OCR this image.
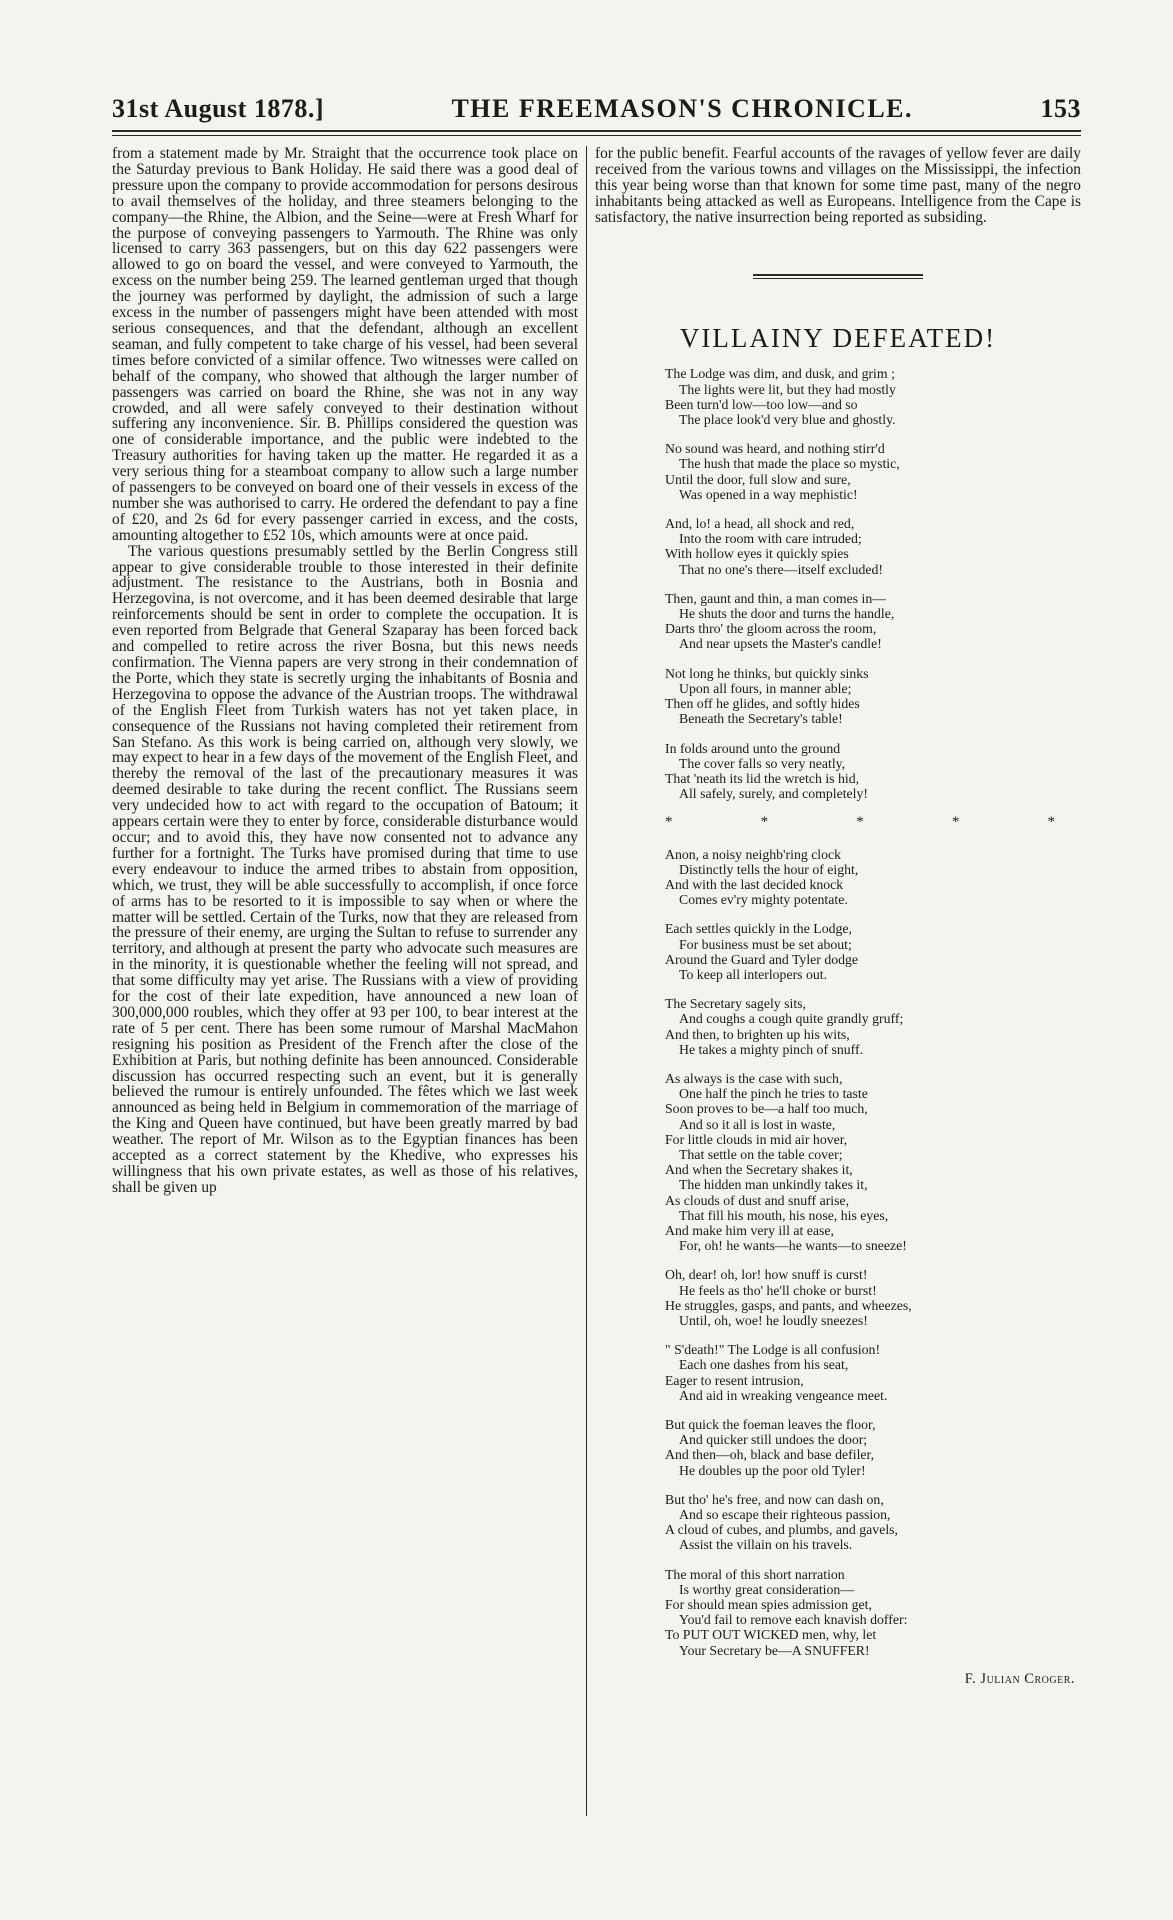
31st August 1878.]	THE FREEMASON'S CHRONICLE.	153

from a statement made by Mr. Straight that the occurrence took place on the Saturday previous to Bank Holiday. He said there was a good deal of pressure upon the company to provide accommodation for persons desirous to avail themselves of the holiday, and three steamers belonging to the company—the Rhine, the Albion, and the Seine—were at Fresh Wharf for the purpose of conveying passengers to Yarmouth. The Rhine was only licensed to carry 363 passengers, but on this day 622 passengers were allowed to go on board the vessel, and were conveyed to Yarmouth, the excess on the number being 259. The learned gentleman urged that though the journey was performed by daylight, the admission of such a large excess in the number of passengers might have been attended with most serious consequences, and that the defendant, although an excellent seaman, and fully competent to take charge of his vessel, had been several times before convicted of a similar offence. Two witnesses were called on behalf of the company, who showed that although the larger number of passengers was carried on board the Rhine, she was not in any way crowded, and all were safely conveyed to their destination without suffering any inconvenience. Sir. B. Phillips considered the question was one of considerable importance, and the public were indebted to the Treasury authorities for having taken up the matter. He regarded it as a very serious thing for a steamboat company to allow such a large number of passengers to be conveyed on board one of their vessels in excess of the number she was authorised to carry. He ordered the defendant to pay a fine of £20, and 2s 6d for every passenger carried in excess, and the costs, amounting altogether to £52 10s, which amounts were at once paid.

The various questions presumably settled by the Berlin Congress still appear to give considerable trouble to those interested in their definite adjustment. The resistance to the Austrians, both in Bosnia and Herzegovina, is not overcome, and it has been deemed desirable that large reinforcements should be sent in order to complete the occupation. It is even reported from Belgrade that General Szaparay has been forced back and compelled to retire across the river Bosna, but this news needs confirmation. The Vienna papers are very strong in their condemnation of the Porte, which they state is secretly urging the inhabitants of Bosnia and Herzegovina to oppose the advance of the Austrian troops. The withdrawal of the English Fleet from Turkish waters has not yet taken place, in consequence of the Russians not having completed their retirement from San Stefano. As this work is being carried on, although very slowly, we may expect to hear in a few days of the movement of the English Fleet, and thereby the removal of the last of the precautionary measures it was deemed desirable to take during the recent conflict. The Russians seem very undecided how to act with regard to the occupation of Batoum; it appears certain were they to enter by force, considerable disturbance would occur; and to avoid this, they have now consented not to advance any further for a fortnight. The Turks have promised during that time to use every endeavour to induce the armed tribes to abstain from opposition, which, we trust, they will be able successfully to accomplish, if once force of arms has to be resorted to it is impossible to say when or where the matter will be settled. Certain of the Turks, now that they are released from the pressure of their enemy, are urging the Sultan to refuse to surrender any territory, and although at present the party who advocate such measures are in the minority, it is questionable whether the feeling will not spread, and that some difficulty may yet arise. The Russians with a view of providing for the cost of their late expedition, have announced a new loan of 300,000,000 roubles, which they offer at 93 per 100, to bear interest at the rate of 5 per cent. There has been some rumour of Marshal MacMahon resigning his position as President of the French after the close of the Exhibition at Paris, but nothing definite has been announced. Considerable discussion has occurred respecting such an event, but it is generally believed the rumour is entirely unfounded. The fêtes which we last week announced as being held in Belgium in commemoration of the marriage of the King and Queen have continued, but have been greatly marred by bad weather. The report of Mr. Wilson as to the Egyptian finances has been accepted as a correct statement by the Khedive, who expresses his willingness that his own private estates, as well as those of his relatives, shall be given up

for the public benefit. Fearful accounts of the ravages of yellow fever are daily received from the various towns and villages on the Mississippi, the infection this year being worse than that known for some time past, many of the negro inhabitants being attacked as well as Europeans. Intelligence from the Cape is satisfactory, the native insurrection being reported as subsiding.

VILLAINY DEFEATED!
The Lodge was dim, and dusk, and grim ;
The lights were lit, but they had mostly
Been turn'd low—too low—and so
The place look'd very blue and ghostly.
No sound was heard, and nothing stirr'd
The hush that made the place so mystic,
Until the door, full slow and sure,
Was opened in a way mephistic!
And, lo! a head, all shock and red,
Into the room with care intruded;
With hollow eyes it quickly spies
That no one's there—itself excluded!
Then, gaunt and thin, a man comes in—
He shuts the door and turns the handle,
Darts thro' the gloom across the room,
And near upsets the Master's candle!
Not long he thinks, but quickly sinks
Upon all fours, in manner able;
Then off he glides, and softly hides
Beneath the Secretary's table!
In folds around unto the ground
The cover falls so very neatly,
That 'neath its lid the wretch is hid,
All safely, surely, and completely!
*	*	*	*	*
Anon, a noisy neighb'ring clock
Distinctly tells the hour of eight,
And with the last decided knock
Comes ev'ry mighty potentate.
Each settles quickly in the Lodge,
For business must be set about;
Around the Guard and Tyler dodge
To keep all interlopers out.
The Secretary sagely sits,
And coughs a cough quite grandly gruff;
And then, to brighten up his wits,
He takes a mighty pinch of snuff.
As always is the case with such,
One half the pinch he tries to taste
Soon proves to be—a half too much,
And so it all is lost in waste,
For little clouds in mid air hover,
That settle on the table cover;
And when the Secretary shakes it,
The hidden man unkindly takes it,
As clouds of dust and snuff arise,
That fill his mouth, his nose, his eyes,
And make him very ill at ease,
For, oh! he wants—he wants—to sneeze!
Oh, dear! oh, lor! how snuff is curst!
He feels as tho' he'll choke or burst!
He struggles, gasps, and pants, and wheezes,
Until, oh, woe! he loudly sneezes!
" S'death!" The Lodge is all confusion!
Each one dashes from his seat,
Eager to resent intrusion,
And aid in wreaking vengeance meet.
But quick the foeman leaves the floor,
And quicker still undoes the door;
And then—oh, black and base defiler,
He doubles up the poor old Tyler!
But tho' he's free, and now can dash on,
And so escape their righteous passion,
A cloud of cubes, and plumbs, and gavels,
Assist the villain on his travels.
The moral of this short narration
Is worthy great consideration—
For should mean spies admission get,
You'd fail to remove each knavish doffer:
To PUT OUT WICKED men, why, let
Your Secretary be—A SNUFFER!
F. Julian Croger.
